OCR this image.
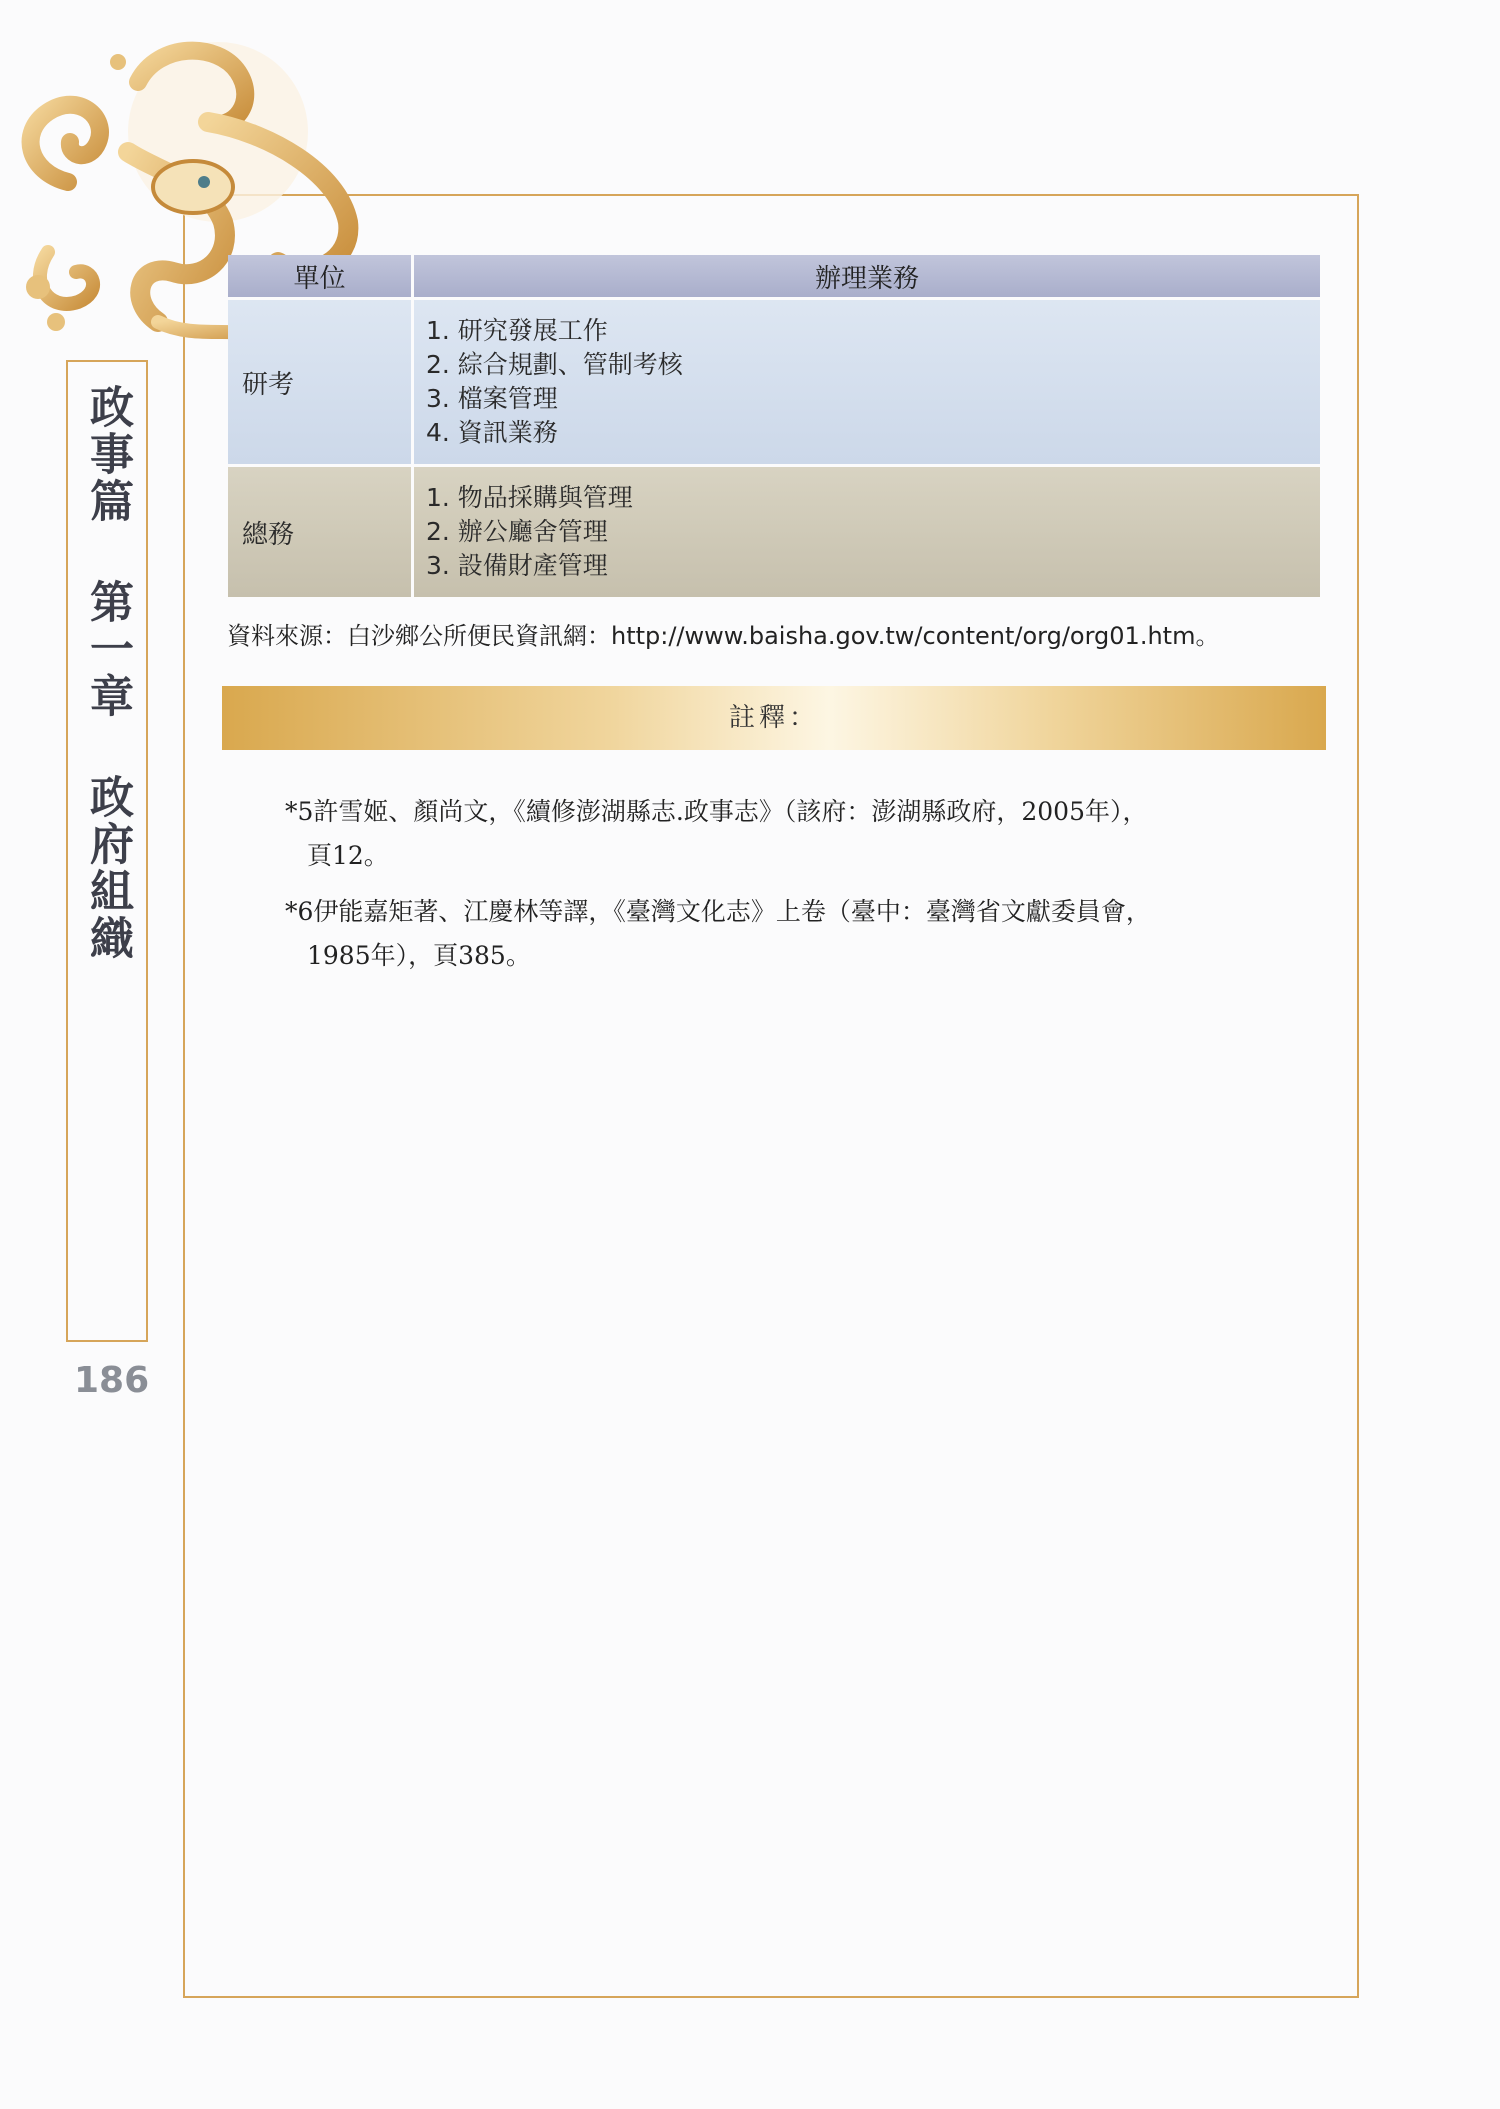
政事篇 第一章 政府組織
186
單位	辦理業務
研考	1. 研究發展工作
2. 綜合規劃、管制考核
3. 檔案管理
4. 資訊業務

總務	1. 物品採購與管理
2. 辦公廳舍管理
3. 設備財產管理
資料來源：白沙鄉公所便民資訊網：http://www.baisha.gov.tw/content/org/org01.htm。
註釋：
*5許雪姬、顏尚文，《續修澎湖縣志.政事志》（該府：澎湖縣政府，2005年），
頁12。
*6伊能嘉矩著、江慶林等譯，《臺灣文化志》上卷（臺中：臺灣省文獻委員會，
1985年），頁385。
